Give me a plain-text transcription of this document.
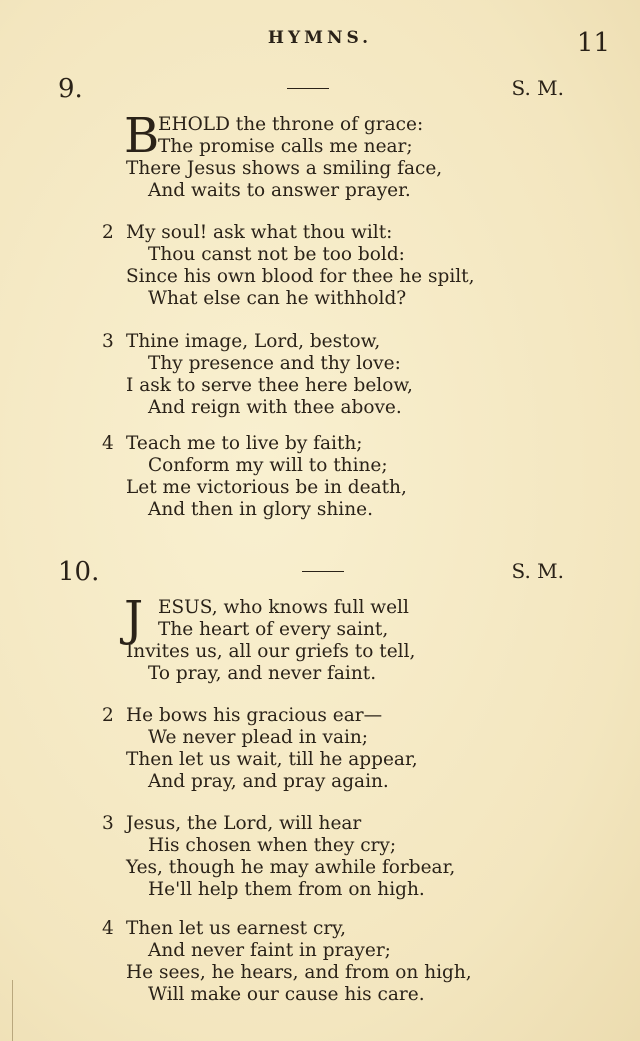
HYMNS.	11
9.	S. M.
B
EHOLD the throne of grace:
The promise calls me near;
There Jesus shows a smiling face,
And waits to answer prayer.
2 My soul! ask what thou wilt:
Thou canst not be too bold:
Since his own blood for thee he spilt,
What else can he withhold?
3 Thine image, Lord, bestow,
Thy presence and thy love:
I ask to serve thee here below,
And reign with thee above.
4 Teach me to live by faith;
Conform my will to thine;
Let me victorious be in death,
And then in glory shine.
10.	S. M.
J ESUS, who knows full well
The heart of every saint,
Invites us, all our griefs to tell,
To pray, and never faint.
2 He bows his gracious ear—
We never plead in vain;
Then let us wait, till he appear,
And pray, and pray again.
3 Jesus, the Lord, will hear
His chosen when they cry;
Yes, though he may awhile forbear,
He'll help them from on high.
4 Then let us earnest cry,
And never faint in prayer;
He sees, he hears, and from on high,
Will make our cause his care.
